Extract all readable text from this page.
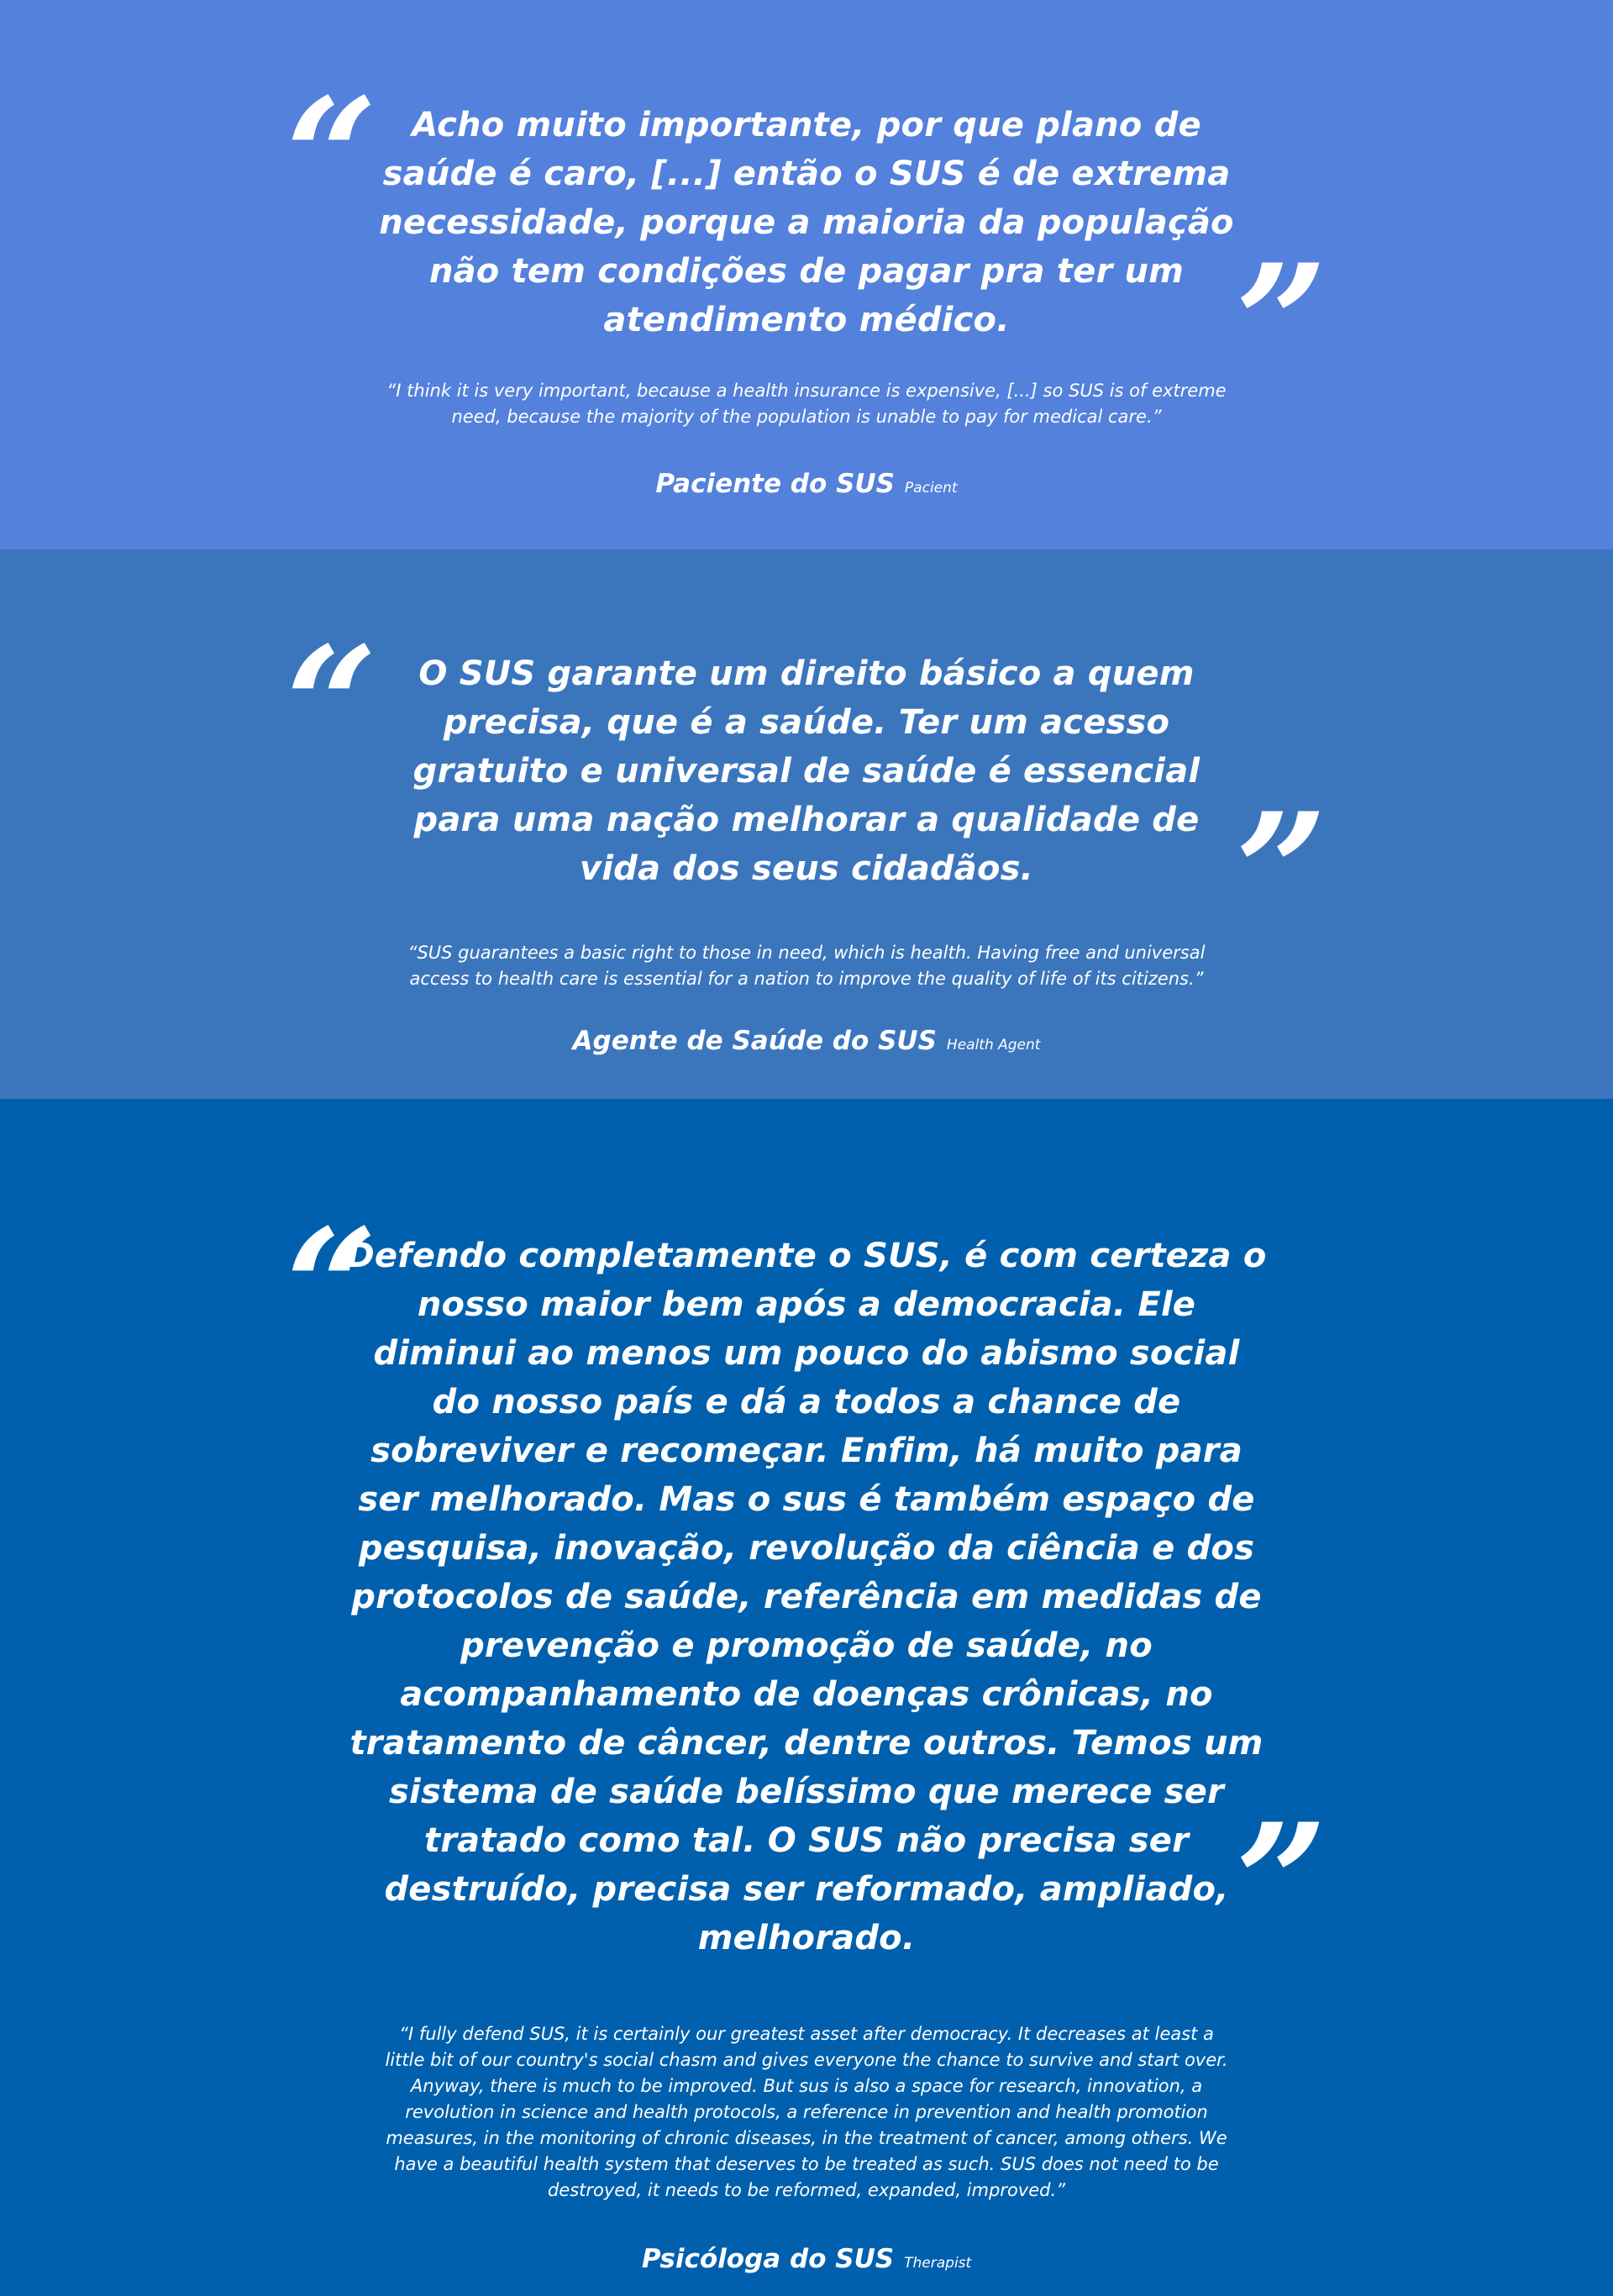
“
”

Acho muito importante, por que plano de saúde é caro, [...] então o SUS é de extrema necessidade, porque a maioria da população não tem condições de pagar pra ter um atendimento médico.

“I think it is very important, because a health insurance is expensive, [...] so SUS is of extreme need, because the majority of the population is unable to pay for medical care.”

Paciente do SUS Pacient
“
”

O SUS garante um direito básico a quem precisa, que é a saúde. Ter um acesso gratuito e universal de saúde é essencial para uma nação melhorar a qualidade de vida dos seus cidadãos.

“SUS guarantees a basic right to those in need, which is health. Having free and universal access to health care is essential for a nation to improve the quality of life of its citizens.”

Agente de Saúde do SUS Health Agent
“
”

Defendo completamente o SUS, é com certeza o nosso maior bem após a democracia. Ele diminui ao menos um pouco do abismo social do nosso país e dá a todos a chance de sobreviver e recomeçar. Enfim, há muito para ser melhorado. Mas o sus é também espaço de pesquisa, inovação, revolução da ciência e dos protocolos de saúde, referência em medidas de prevenção e promoção de saúde, no acompanhamento de doenças crônicas, no tratamento de câncer, dentre outros. Temos um sistema de saúde belíssimo que merece ser tratado como tal. O SUS não precisa ser destruído, precisa ser reformado, ampliado, melhorado.

“I fully defend SUS, it is certainly our greatest asset after democracy. It decreases at least a little bit of our country's social chasm and gives everyone the chance to survive and start over. Anyway, there is much to be improved. But sus is also a space for research, innovation, a revolution in science and health protocols, a reference in prevention and health promotion measures, in the monitoring of chronic diseases, in the treatment of cancer, among others. We have a beautiful health system that deserves to be treated as such. SUS does not need to be destroyed, it needs to be reformed, expanded, improved.”

Psicóloga do SUS Therapist
